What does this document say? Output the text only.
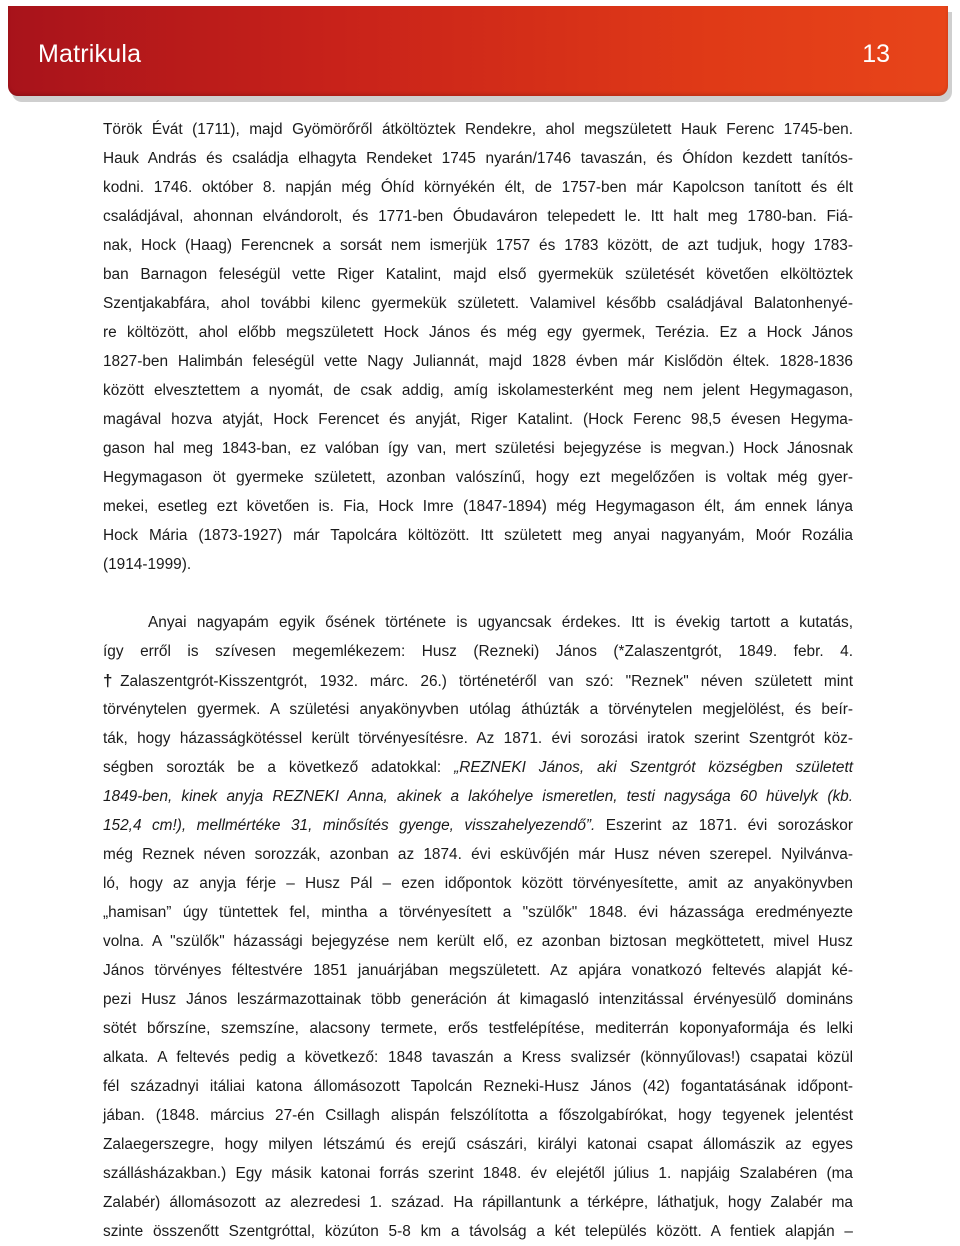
Matrikula	13
Török Évát (1711), majd Gyömörőről átköltöztek Rendekre, ahol megszületett Hauk Ferenc 1745-ben.
Hauk András és családja elhagyta Rendeket 1745 nyarán/1746 tavaszán, és Óhídon kezdett tanítós-
kodni. 1746. október 8. napján még Óhíd környékén élt, de 1757-ben már Kapolcson tanított és élt
családjával, ahonnan elvándorolt, és 1771-ben Óbudaváron telepedett le. Itt halt meg 1780-ban. Fiá-
nak, Hock (Haag) Ferencnek a sorsát nem ismerjük 1757 és 1783 között, de azt tudjuk, hogy 1783-
ban Barnagon feleségül vette Riger Katalint, majd első gyermekük születését követően elköltöztek
Szentjakabfára, ahol további kilenc gyermekük született. Valamivel később családjával Balatonhenyé-
re költözött, ahol előbb megszületett Hock János és még egy gyermek, Terézia. Ez a Hock János
1827-ben Halimbán feleségül vette Nagy Juliannát, majd 1828 évben már Kislődön éltek. 1828-1836
között elvesztettem a nyomát, de csak addig, amíg iskolamesterként meg nem jelent Hegymagason,
magával hozva atyját, Hock Ferencet és anyját, Riger Katalint. (Hock Ferenc 98,5 évesen Hegyma-
gason hal meg 1843-ban, ez valóban így van, mert születési bejegyzése is megvan.) Hock Jánosnak
Hegymagason öt gyermeke született, azonban valószínű, hogy ezt megelőzően is voltak még gyer-
mekei, esetleg ezt követően is. Fia, Hock Imre (1847-1894) még Hegymagason élt, ám ennek lánya
Hock Mária (1873-1927) már Tapolcára költözött. Itt született meg anyai nagyanyám, Moór Rozália
(1914-1999).
Anyai nagyapám egyik ősének története is ugyancsak érdekes. Itt is évekig tartott a kutatás,
így erről is szívesen megemlékezem: Husz (Rezneki) János (*Zalaszentgrót, 1849. febr. 4.
†Zalaszentgrót-Kisszentgrót, 1932. márc. 26.) történetéről van szó: "Reznek" néven született mint
törvénytelen gyermek. A születési anyakönyvben utólag áthúzták a törvénytelen megjelölést, és beír-
ták, hogy házasságkötéssel került törvényesítésre. Az 1871. évi sorozási iratok szerint Szentgrót köz-
ségben sorozták be a következő adatokkal: „REZNEKI János, aki Szentgrót községben született
1849-ben, kinek anyja REZNEKI Anna, akinek a lakóhelye ismeretlen, testi nagysága 60 hüvelyk (kb.
152,4 cm!), mellmértéke 31, minősítés gyenge, visszahelyezendő”. Eszerint az 1871. évi sorozáskor
még Reznek néven sorozzák, azonban az 1874. évi esküvőjén már Husz néven szerepel. Nyilvánva-
ló, hogy az anyja férje – Husz Pál – ezen időpontok között törvényesítette, amit az anyakönyvben
„hamisan” úgy tüntettek fel, mintha a törvényesített a "szülők" 1848. évi házassága eredményezte
volna. A "szülők" házassági bejegyzése nem került elő, ez azonban biztosan megköttetett, mivel Husz
János törvényes féltestvére 1851 januárjában megszületett. Az apjára vonatkozó feltevés alapját ké-
pezi Husz János leszármazottainak több generáción át kimagasló intenzitással érvényesülő domináns
sötét bőrszíne, szemszíne, alacsony termete, erős testfelépítése, mediterrán koponyaformája és lelki
alkata. A feltevés pedig a következő: 1848 tavaszán a Kress svalizsér (könnyűlovas!) csapatai közül
fél századnyi itáliai katona állomásozott Tapolcán Rezneki-Husz János (42) fogantatásának időpont-
jában. (1848. március 27-én Csillagh alispán felszólította a főszolgabírókat, hogy tegyenek jelentést
Zalaegerszegre, hogy milyen létszámú és erejű császári, királyi katonai csapat állomászik az egyes
szállásházakban.) Egy másik katonai forrás szerint 1848. év elejétől július 1. napjáig Szalabéren (ma
Zalabér) állomásozott az alezredesi 1. század. Ha rápillantunk a térképre, láthatjuk, hogy Zalabér ma
szinte összenőtt Szentgróttal, közúton 5-8 km a távolság a két település között. A fentiek alapján –
